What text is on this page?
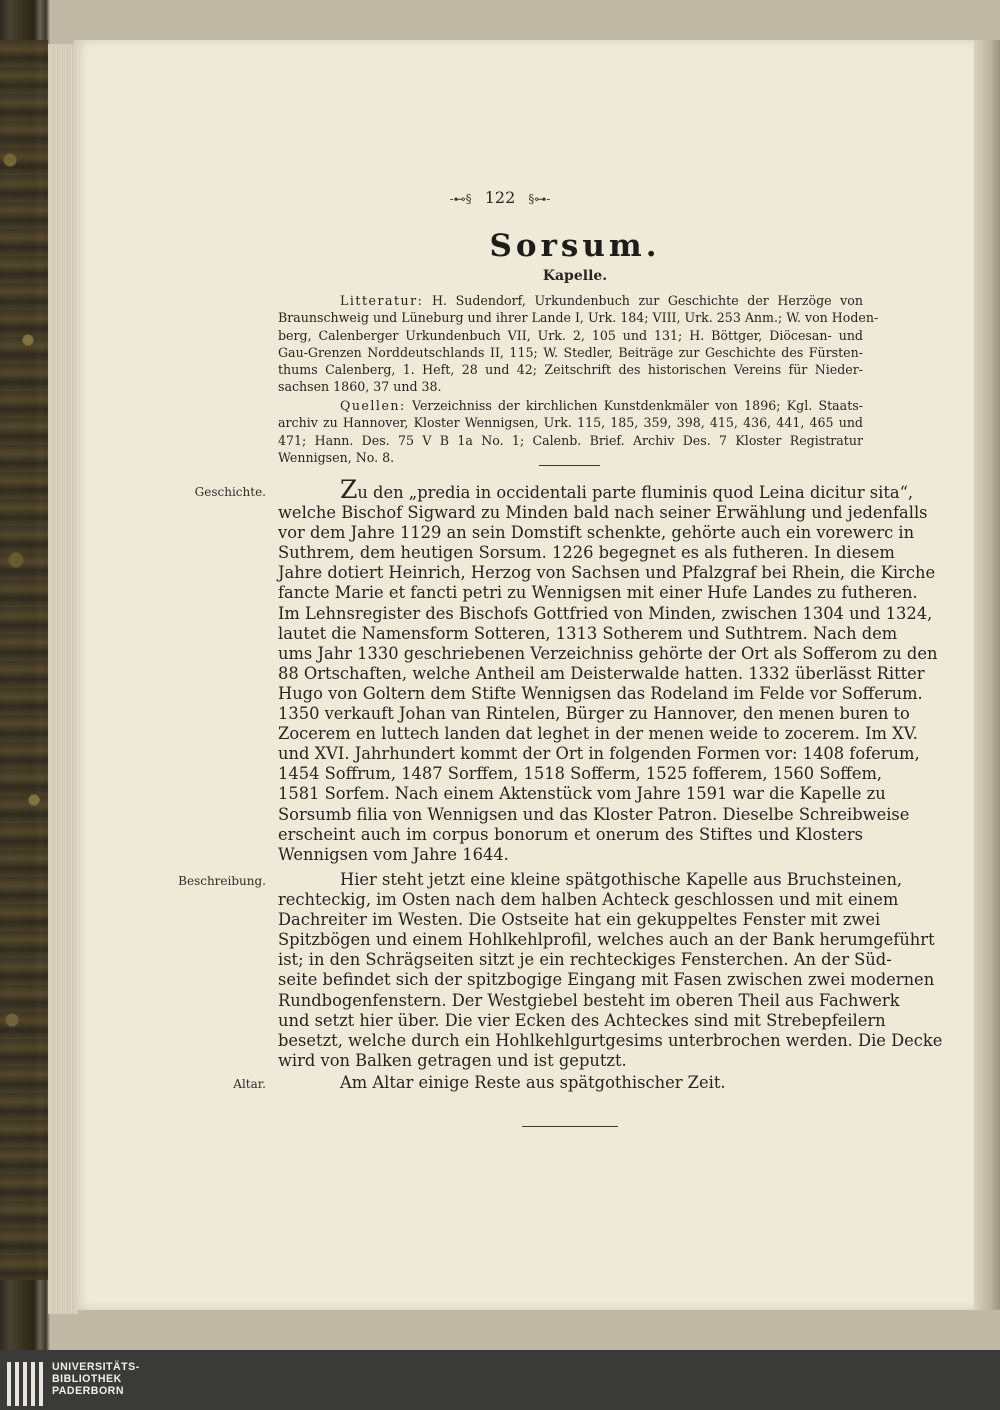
-⊷§ 122 §⊶-
Sorsum.
Kapelle.
Litteratur: H. Sudendorf, Urkundenbuch zur Geschichte der Herzöge von
Braunschweig und Lüneburg und ihrer Lande I, Urk. 184; VIII, Urk. 253 Anm.; W. von Hoden-
berg, Calenberger Urkundenbuch VII, Urk. 2, 105 und 131; H. Böttger, Diöcesan- und
Gau-Grenzen Norddeutschlands II, 115; W. Stedler, Beiträge zur Geschichte des Fürsten-
thums Calenberg, 1. Heft, 28 und 42; Zeitschrift des historischen Vereins für Nieder-
sachsen 1860, 37 und 38.
Quellen: Verzeichniss der kirchlichen Kunstdenkmäler von 1896; Kgl. Staats-
archiv zu Hannover, Kloster Wennigsen, Urk. 115, 185, 359, 398, 415, 436, 441, 465 und
471; Hann. Des. 75 V B 1a No. 1; Calenb. Brief. Archiv Des. 7 Kloster Registratur
Wennigsen, No. 8.
Geschichte.	Zu den „predia in occidentali parte fluminis quod Leina dicitur sita“,
welche Bischof Sigward zu Minden bald nach seiner Erwählung und jedenfalls
vor dem Jahre 1129 an sein Domstift schenkte, gehörte auch ein vorewerc in
Suthrem, dem heutigen Sorsum. 1226 begegnet es als futheren. In diesem
Jahre dotiert Heinrich, Herzog von Sachsen und Pfalzgraf bei Rhein, die Kirche
fancte Marie et fancti petri zu Wennigsen mit einer Hufe Landes zu futheren.
Im Lehnsregister des Bischofs Gottfried von Minden, zwischen 1304 und 1324,
lautet die Namensform Sotteren, 1313 Sotherem und Suthtrem. Nach dem
ums Jahr 1330 geschriebenen Verzeichniss gehörte der Ort als Sofferom zu den
88 Ortschaften, welche Antheil am Deisterwalde hatten. 1332 überlässt Ritter
Hugo von Goltern dem Stifte Wennigsen das Rodeland im Felde vor Sofferum.
1350 verkauft Johan van Rintelen, Bürger zu Hannover, den menen buren to
Zocerem en luttech landen dat leghet in der menen weide to zocerem. Im XV.
und XVI. Jahrhundert kommt der Ort in folgenden Formen vor: 1408 foferum,
1454 Soffrum, 1487 Sorffem, 1518 Sofferm, 1525 fofferem, 1560 Soffem,
1581 Sorfem. Nach einem Aktenstück vom Jahre 1591 war die Kapelle zu
Sorsumb filia von Wennigsen und das Kloster Patron. Dieselbe Schreibweise
erscheint auch im corpus bonorum et onerum des Stiftes und Klosters
Wennigsen vom Jahre 1644.
Beschreibung.	Hier steht jetzt eine kleine spätgothische Kapelle aus Bruchsteinen,
rechteckig, im Osten nach dem halben Achteck geschlossen und mit einem
Dachreiter im Westen. Die Ostseite hat ein gekuppeltes Fenster mit zwei
Spitzbögen und einem Hohlkehlprofil, welches auch an der Bank herumgeführt
ist; in den Schrägseiten sitzt je ein rechteckiges Fensterchen. An der Süd-
seite befindet sich der spitzbogige Eingang mit Fasen zwischen zwei modernen
Rundbogenfenstern. Der Westgiebel besteht im oberen Theil aus Fachwerk
und setzt hier über. Die vier Ecken des Achteckes sind mit Strebepfeilern
besetzt, welche durch ein Hohlkehlgurtgesims unterbrochen werden. Die Decke
wird von Balken getragen und ist geputzt.
Altar.	Am Altar einige Reste aus spätgothischer Zeit.
UNIVERSITÄTS-
BIBLIOTHEK
PADERBORN
